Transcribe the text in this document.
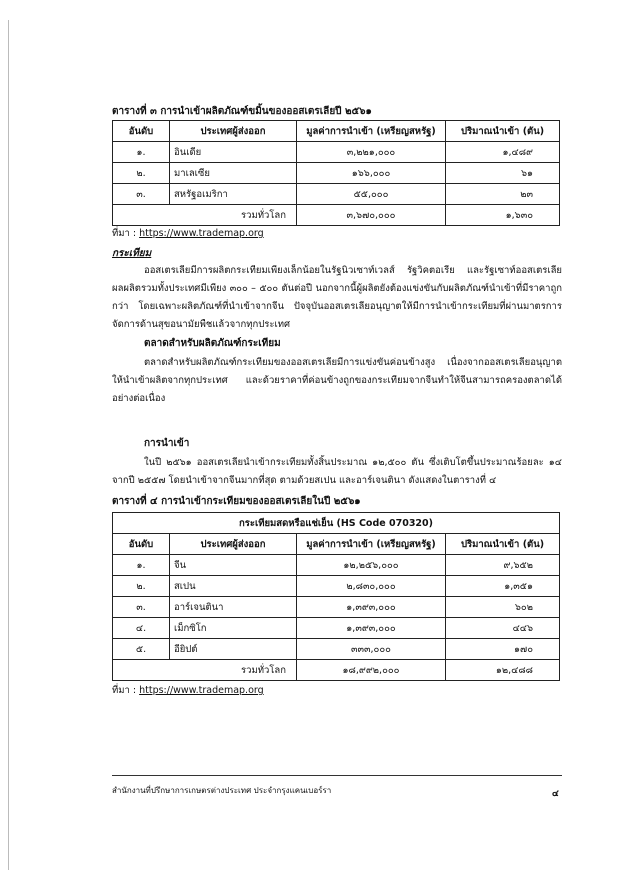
ตารางที่ ๓ การนำเข้าผลิตภัณฑ์ขมิ้นของออสเตรเลียปี ๒๕๖๑
อันดับ	ประเทศผู้ส่งออก	มูลค่าการนำเข้า (เหรียญสหรัฐ)	ปริมาณนำเข้า (ตัน)
๑.	อินเดีย	๓,๒๒๑,๐๐๐	๑,๔๘๙
๒.	มาเลเซีย	๑๖๖,๐๐๐	๖๑
๓.	สหรัฐอเมริกา	๕๕,๐๐๐	๒๓
รวมทั่วโลก		๓,๖๗๐,๐๐๐	๑,๖๓๐
ที่มา : https://www.trademap.org
กระเทียม

ออสเตรเลียมีการผลิตกระเทียมเพียงเล็กน้อยในรัฐนิวเซาท์เวลส์ รัฐวิคตอเรีย และรัฐเซาท์ออสเตรเลีย ผลผลิตรวมทั้งประเทศมีเพียง ๓๐๐ – ๕๐๐ ตันต่อปี นอกจากนี้ผู้ผลิตยังต้องแข่งขันกับผลิตภัณฑ์นำเข้าที่มีราคาถูกกว่า โดยเฉพาะผลิตภัณฑ์ที่นำเข้าจากจีน ปัจจุบันออสเตรเลียอนุญาตให้มีการนำเข้ากระเทียมที่ผ่านมาตรการจัดการด้านสุขอนามัยพืชแล้วจากทุกประเทศ

ตลาดสำหรับผลิตภัณฑ์กระเทียม

ตลาดสำหรับผลิตภัณฑ์กระเทียมของออสเตรเลียมีการแข่งขันค่อนข้างสูง เนื่องจากออสเตรเลียอนุญาตให้นำเข้าผลิตจากทุกประเทศ และด้วยราคาที่ค่อนข้างถูกของกระเทียมจากจีนทำให้จีนสามารถครองตลาดได้อย่างต่อเนื่อง

การนำเข้า

ในปี ๒๕๖๑ ออสเตรเลียนำเข้ากระเทียมทั้งสิ้นประมาณ ๑๒,๕๐๐ ตัน ซึ่งเติบโตขึ้นประมาณร้อยละ ๑๔ จากปี ๒๕๕๗ โดยนำเข้าจากจีนมากที่สุด ตามด้วยสเปน และอาร์เจนตินา ดังแสดงในตารางที่ ๔

ตารางที่ ๔ การนำเข้ากระเทียมของออสเตรเลียในปี ๒๕๖๑
กระเทียมสดหรือแช่เย็น (HS Code 070320)			
อันดับ	ประเทศผู้ส่งออก	มูลค่าการนำเข้า (เหรียญสหรัฐ)	ปริมาณนำเข้า (ตัน)
๑.	จีน	๑๒,๒๕๖,๐๐๐	๙,๖๕๒
๒.	สเปน	๒,๘๓๐,๐๐๐	๑,๓๕๑
๓.	อาร์เจนตินา	๑,๓๙๓,๐๐๐	๖๐๒
๔.	เม็กซิโก	๑,๓๙๓,๐๐๐	๔๔๖
๕.	อียิปต์	๓๓๓,๐๐๐	๑๗๐
รวมทั่วโลก		๑๘,๙๙๒,๐๐๐	๑๒,๔๘๘
ที่มา : https://www.trademap.org
สำนักงานที่ปรึกษาการเกษตรต่างประเทศ ประจำกรุงแคนเบอร์รา	๔
